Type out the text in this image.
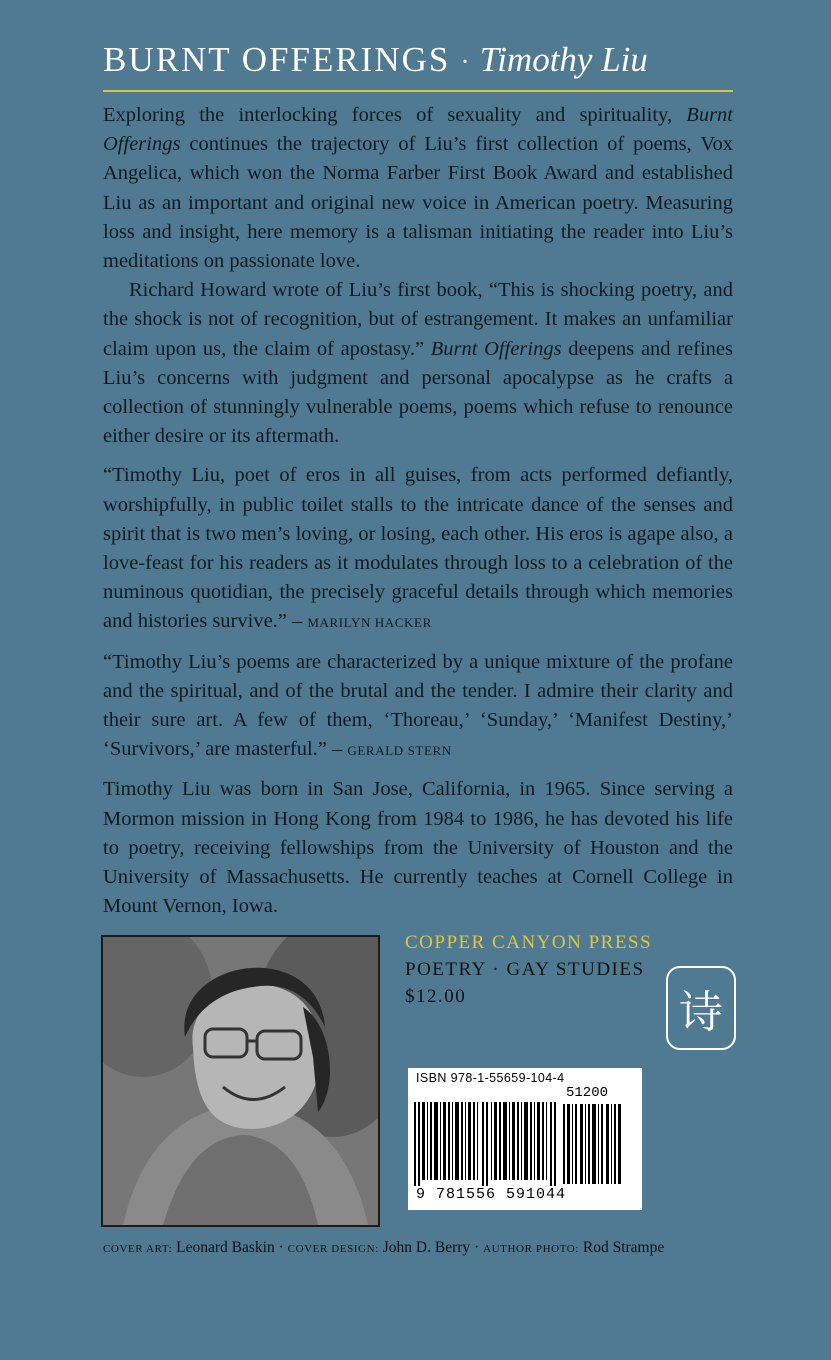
BURNT OFFERINGS · Timothy Liu

Exploring the interlocking forces of sexuality and spirituality, Burnt Offerings continues the trajectory of Liu’s first collection of poems, Vox Angelica, which won the Norma Farber First Book Award and established Liu as an important and original new voice in American poetry. Measuring loss and insight, here memory is a talisman initiating the reader into Liu’s meditations on passionate love.

Richard Howard wrote of Liu’s first book, “This is shocking poetry, and the shock is not of recognition, but of estrangement. It makes an unfamiliar claim upon us, the claim of apostasy.” Burnt Offerings deepens and refines Liu’s concerns with judgment and personal apocalypse as he crafts a collection of stunningly vulnerable poems, poems which refuse to renounce either desire or its aftermath.

“Timothy Liu, poet of eros in all guises, from acts performed defiantly, worshipfully, in public toilet stalls to the intricate dance of the senses and spirit that is two men’s loving, or losing, each other. His eros is agape also, a love-feast for his readers as it modulates through loss to a celebration of the numinous quotidian, the precisely graceful details through which memories and histories survive.” – MARILYN HACKER

“Timothy Liu’s poems are characterized by a unique mixture of the profane and the spiritual, and of the brutal and the tender. I admire their clarity and their sure art. A few of them, ‘Thoreau,’ ‘Sunday,’ ‘Manifest Destiny,’ ‘Survivors,’ are masterful.” – GERALD STERN

Timothy Liu was born in San Jose, California, in 1965. Since serving a Mormon mission in Hong Kong from 1984 to 1986, he has devoted his life to poetry, receiving fellowships from the University of Houston and the University of Massachusetts. He currently teaches at Cornell College in Mount Vernon, Iowa.

COPPER CANYON PRESS
POETRY · GAY STUDIES
$12.00	诗
ISBN 978-1-55659-104-4
51200
9 781556 591044
COVER ART: Leonard Baskin · COVER DESIGN: John D. Berry · AUTHOR PHOTO: Rod Strampe
